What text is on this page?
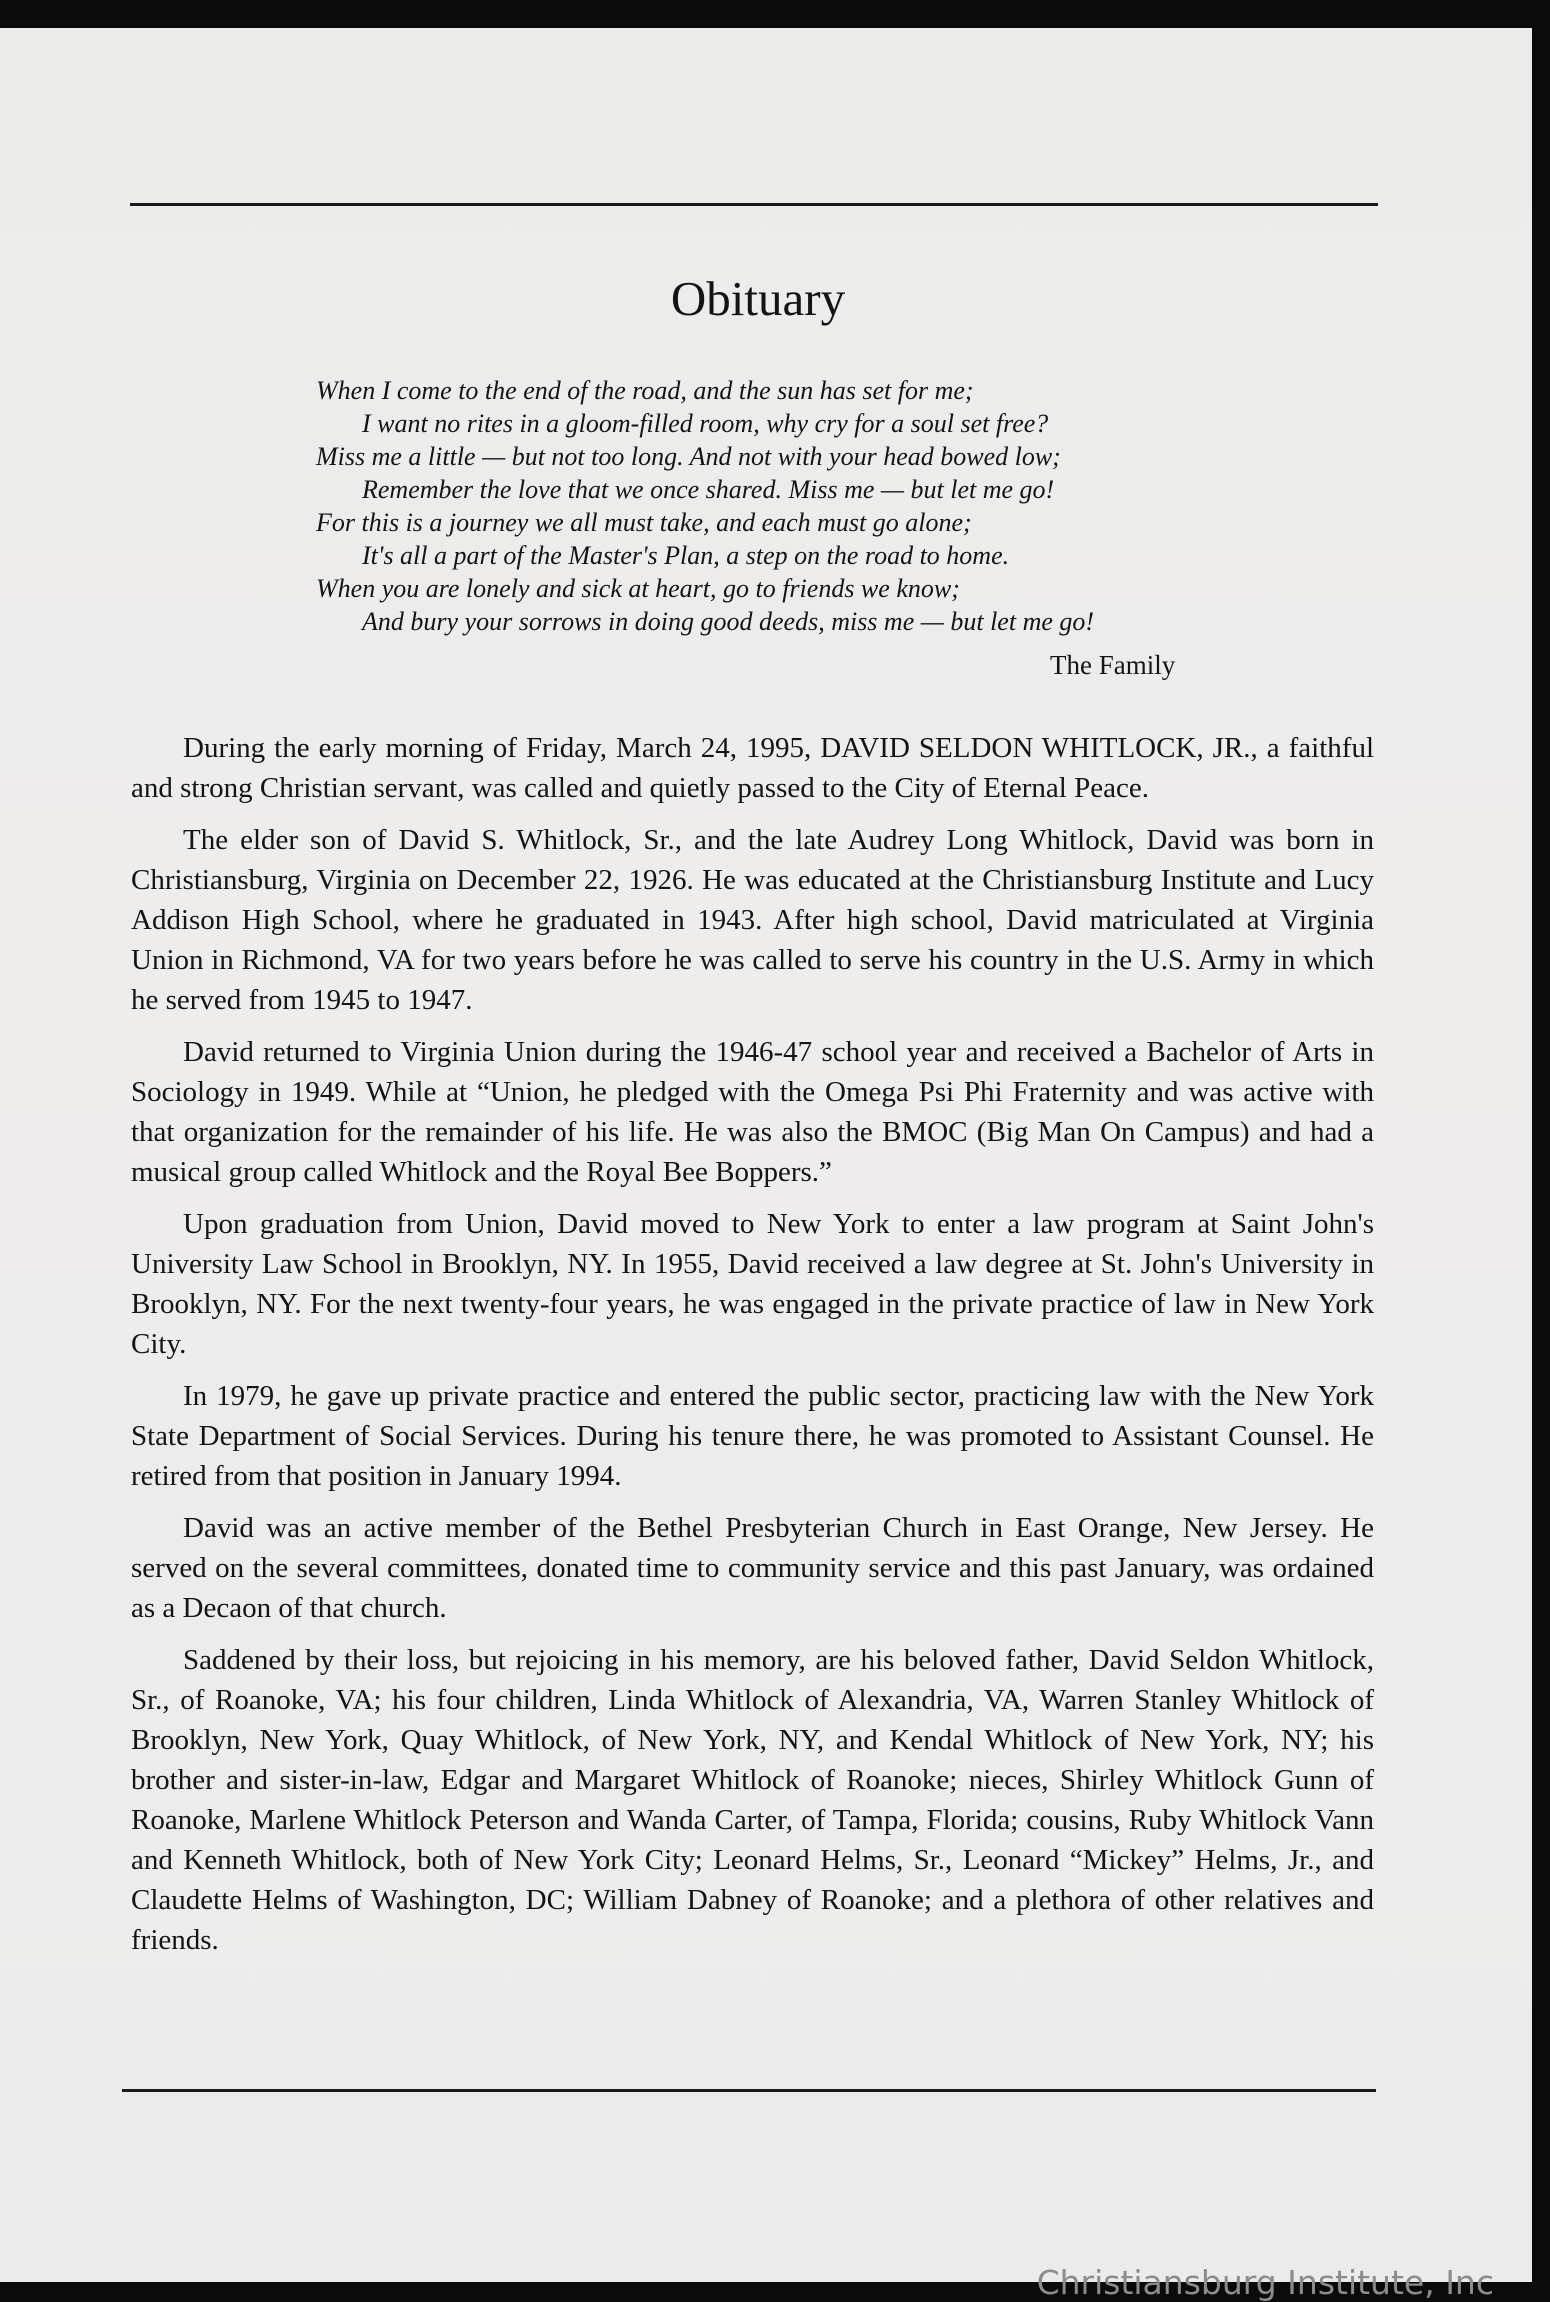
Obituary
When I come to the end of the road, and the sun has set for me;
I want no rites in a gloom-filled room, why cry for a soul set free?
Miss me a little — but not too long. And not with your head bowed low;
Remember the love that we once shared. Miss me — but let me go!
For this is a journey we all must take, and each must go alone;
It's all a part of the Master's Plan, a step on the road to home.
When you are lonely and sick at heart, go to friends we know;
And bury your sorrows in doing good deeds, miss me — but let me go!
The Family

During the early morning of Friday, March 24, 1995, DAVID SELDON WHITLOCK, JR., a faithful and strong Christian servant, was called and quietly passed to the City of Eternal Peace.

The elder son of David S. Whitlock, Sr., and the late Audrey Long Whitlock, David was born in Christiansburg, Virginia on December 22, 1926. He was educated at the Christiansburg Institute and Lucy Addison High School, where he graduated in 1943. After high school, David matriculated at Virginia Union in Richmond, VA for two years before he was called to serve his country in the U.S. Army in which he served from 1945 to 1947.

David returned to Virginia Union during the 1946-47 school year and received a Bachelor of Arts in Sociology in 1949. While at “Union, he pledged with the Omega Psi Phi Fraternity and was active with that organization for the remainder of his life. He was also the BMOC (Big Man On Campus) and had a musical group called Whitlock and the Royal Bee Boppers.”

Upon graduation from Union, David moved to New York to enter a law program at Saint John's University Law School in Brooklyn, NY. In 1955, David received a law degree at St. John's University in Brooklyn, NY. For the next twenty-four years, he was engaged in the private practice of law in New York City.

In 1979, he gave up private practice and entered the public sector, practicing law with the New York State Department of Social Services. During his tenure there, he was promoted to Assistant Counsel. He retired from that position in January 1994.

David was an active member of the Bethel Presbyterian Church in East Orange, New Jersey. He served on the several committees, donated time to community service and this past January, was ordained as a Decaon of that church.

Saddened by their loss, but rejoicing in his memory, are his beloved father, David Seldon Whitlock, Sr., of Roanoke, VA; his four children, Linda Whitlock of Alexandria, VA, Warren Stanley Whitlock of Brooklyn, New York, Quay Whitlock, of New York, NY, and Kendal Whitlock of New York, NY; his brother and sister-in-law, Edgar and Margaret Whitlock of Roanoke; nieces, Shirley Whitlock Gunn of Roanoke, Marlene Whitlock Peterson and Wanda Carter, of Tampa, Florida; cousins, Ruby Whitlock Vann and Kenneth Whitlock, both of New York City; Leonard Helms, Sr., Leonard “Mickey” Helms, Jr., and Claudette Helms of Washington, DC; William Dabney of Roanoke; and a plethora of other relatives and friends.

Christiansburg Institute, Inc
